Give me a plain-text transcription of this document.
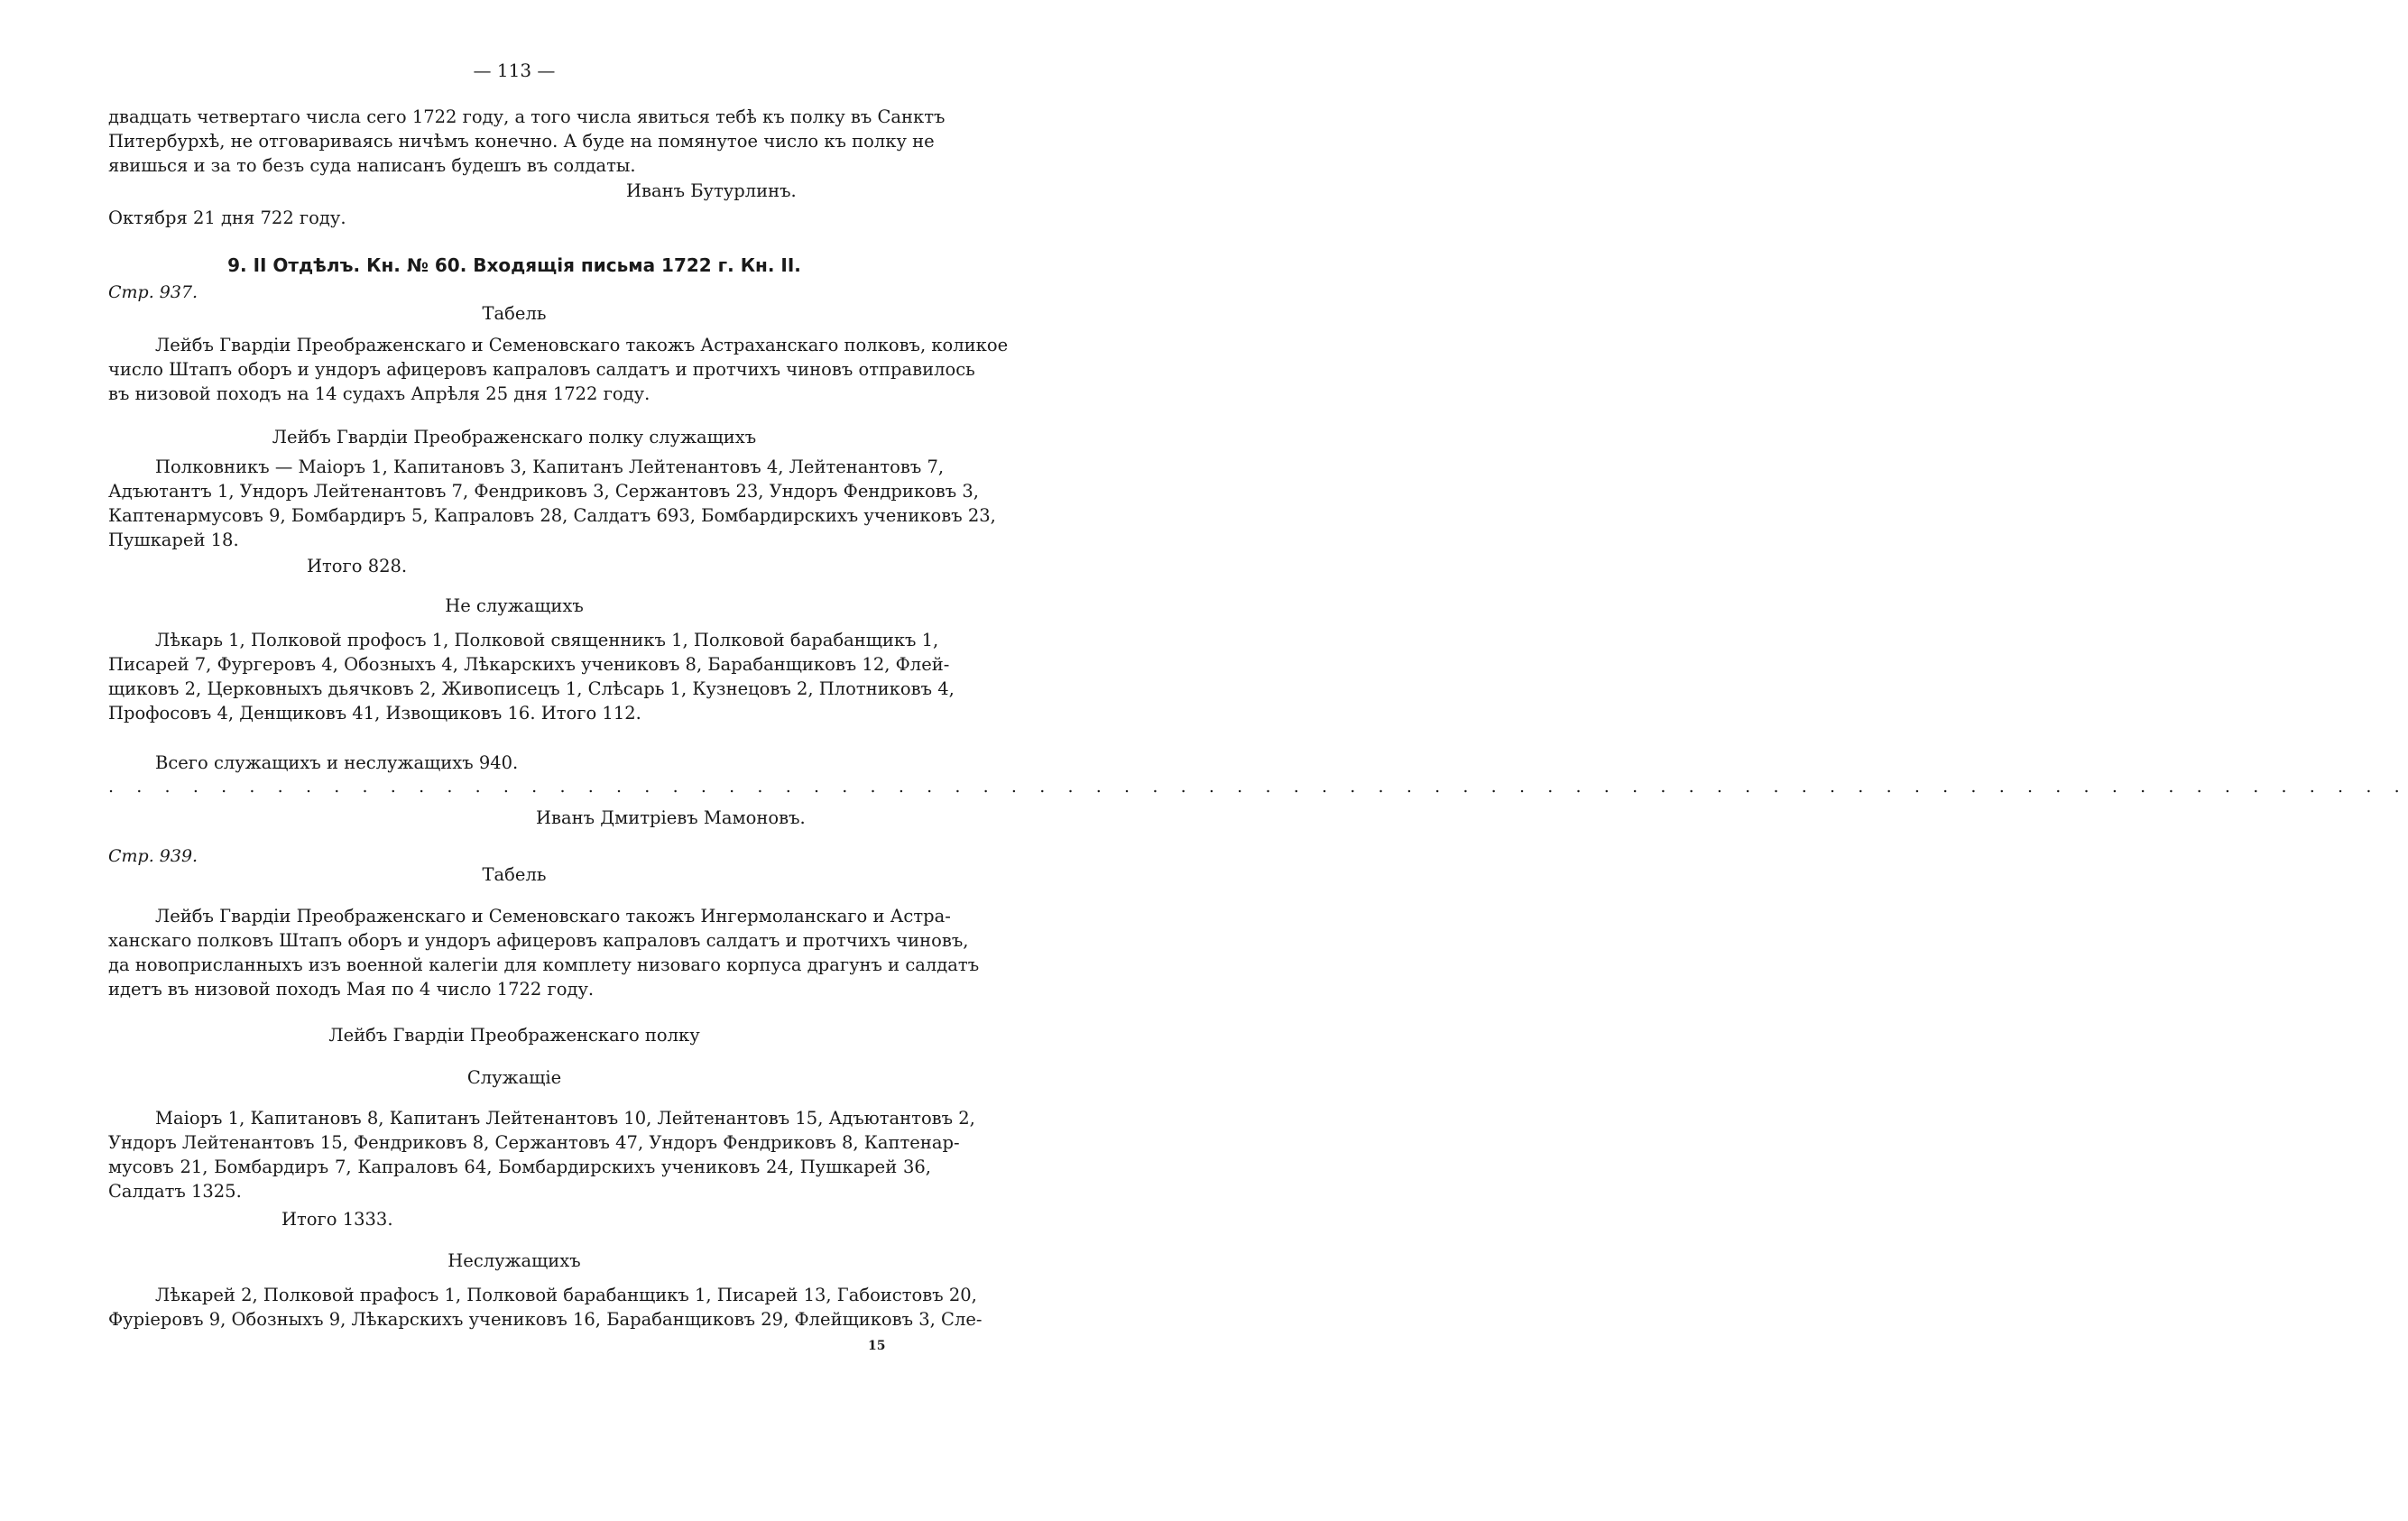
— 113 —
двадцать четвертаго числа сего 1722 году, а того числа явиться тебѣ къ полку въ Санктъ
Питербурхѣ, не отговариваясь ничѣмъ конечно. А буде на помянутое число къ полку не
явишься и за то безъ суда написанъ будешъ въ солдаты.
Иванъ Бутурлинъ.
Октября 21 дня 722 году.
9. II Отдѣлъ. Кн. № 60. Входящія письма 1722 г. Кн. II.
Стр. 937.
Табель
Лейбъ Гвардіи Преображенскаго и Семеновскаго такожъ Астраханскаго полковъ, коликое
число Штапъ оборъ и ундоръ афицеровъ капраловъ салдатъ и протчихъ чиновъ отправилось
въ низовой походъ на 14 судахъ Апрѣля 25 дня 1722 году.
Лейбъ Гвардіи Преображенскаго полку служащихъ
Полковникъ — Маіоръ 1, Капитановъ 3, Капитанъ Лейтенантовъ 4, Лейтенантовъ 7,
Адъютантъ 1, Ундоръ Лейтенантовъ 7, Фендриковъ 3, Сержантовъ 23, Ундоръ Фендриковъ 3,
Каптенармусовъ 9, Бомбардиръ 5, Капраловъ 28, Салдатъ 693, Бомбардирскихъ учениковъ 23,
Пушкарей 18.
Итого 828.
Не служащихъ
Лѣкарь 1, Полковой профосъ 1, Полковой священникъ 1, Полковой барабанщикъ 1,
Писарей 7, Фургеровъ 4, Обозныхъ 4, Лѣкарскихъ учениковъ 8, Барабанщиковъ 12, Флей-
щиковъ 2, Церковныхъ дьячковъ 2, Живописецъ 1, Слѣсарь 1, Кузнецовъ 2, Плотниковъ 4,
Профосовъ 4, Денщиковъ 41, Извощиковъ 16. Итого 112.
Всего служащихъ и неслужащихъ 940.
. . . . . . . . . . . . . . . . . . . . . . . . . . . . . . . . . . . . . . . . . . . . . . . . . . . . . . . . . . . . . . . . . . . . . . . . . . . . . . . . . .
Иванъ Дмитріевъ Мамоновъ.
Стр. 939.
Табель
Лейбъ Гвардіи Преображенскаго и Семеновскаго такожъ Ингермоланскаго и Астра-
ханскаго полковъ Штапъ оборъ и ундоръ афицеровъ капраловъ салдатъ и протчихъ чиновъ,
да новоприсланныхъ изъ военной калегіи для комплету низоваго корпуса драгунъ и салдатъ
идетъ въ низовой походъ Мая по 4 число 1722 году.
Лейбъ Гвардіи Преображенскаго полку
Служащіе
Маіоръ 1, Капитановъ 8, Капитанъ Лейтенантовъ 10, Лейтенантовъ 15, Адъютантовъ 2,
Ундоръ Лейтенантовъ 15, Фендриковъ 8, Сержантовъ 47, Ундоръ Фендриковъ 8, Каптенар-
мусовъ 21, Бомбардиръ 7, Капраловъ 64, Бомбардирскихъ учениковъ 24, Пушкарей 36,
Салдатъ 1325.
Итого 1333.
Неслужащихъ
Лѣкарей 2, Полковой прафосъ 1, Полковой барабанщикъ 1, Писарей 13, Габоистовъ 20,
Фуріеровъ 9, Обозныхъ 9, Лѣкарскихъ учениковъ 16, Барабанщиковъ 29, Флейщиковъ 3, Сле-
15
